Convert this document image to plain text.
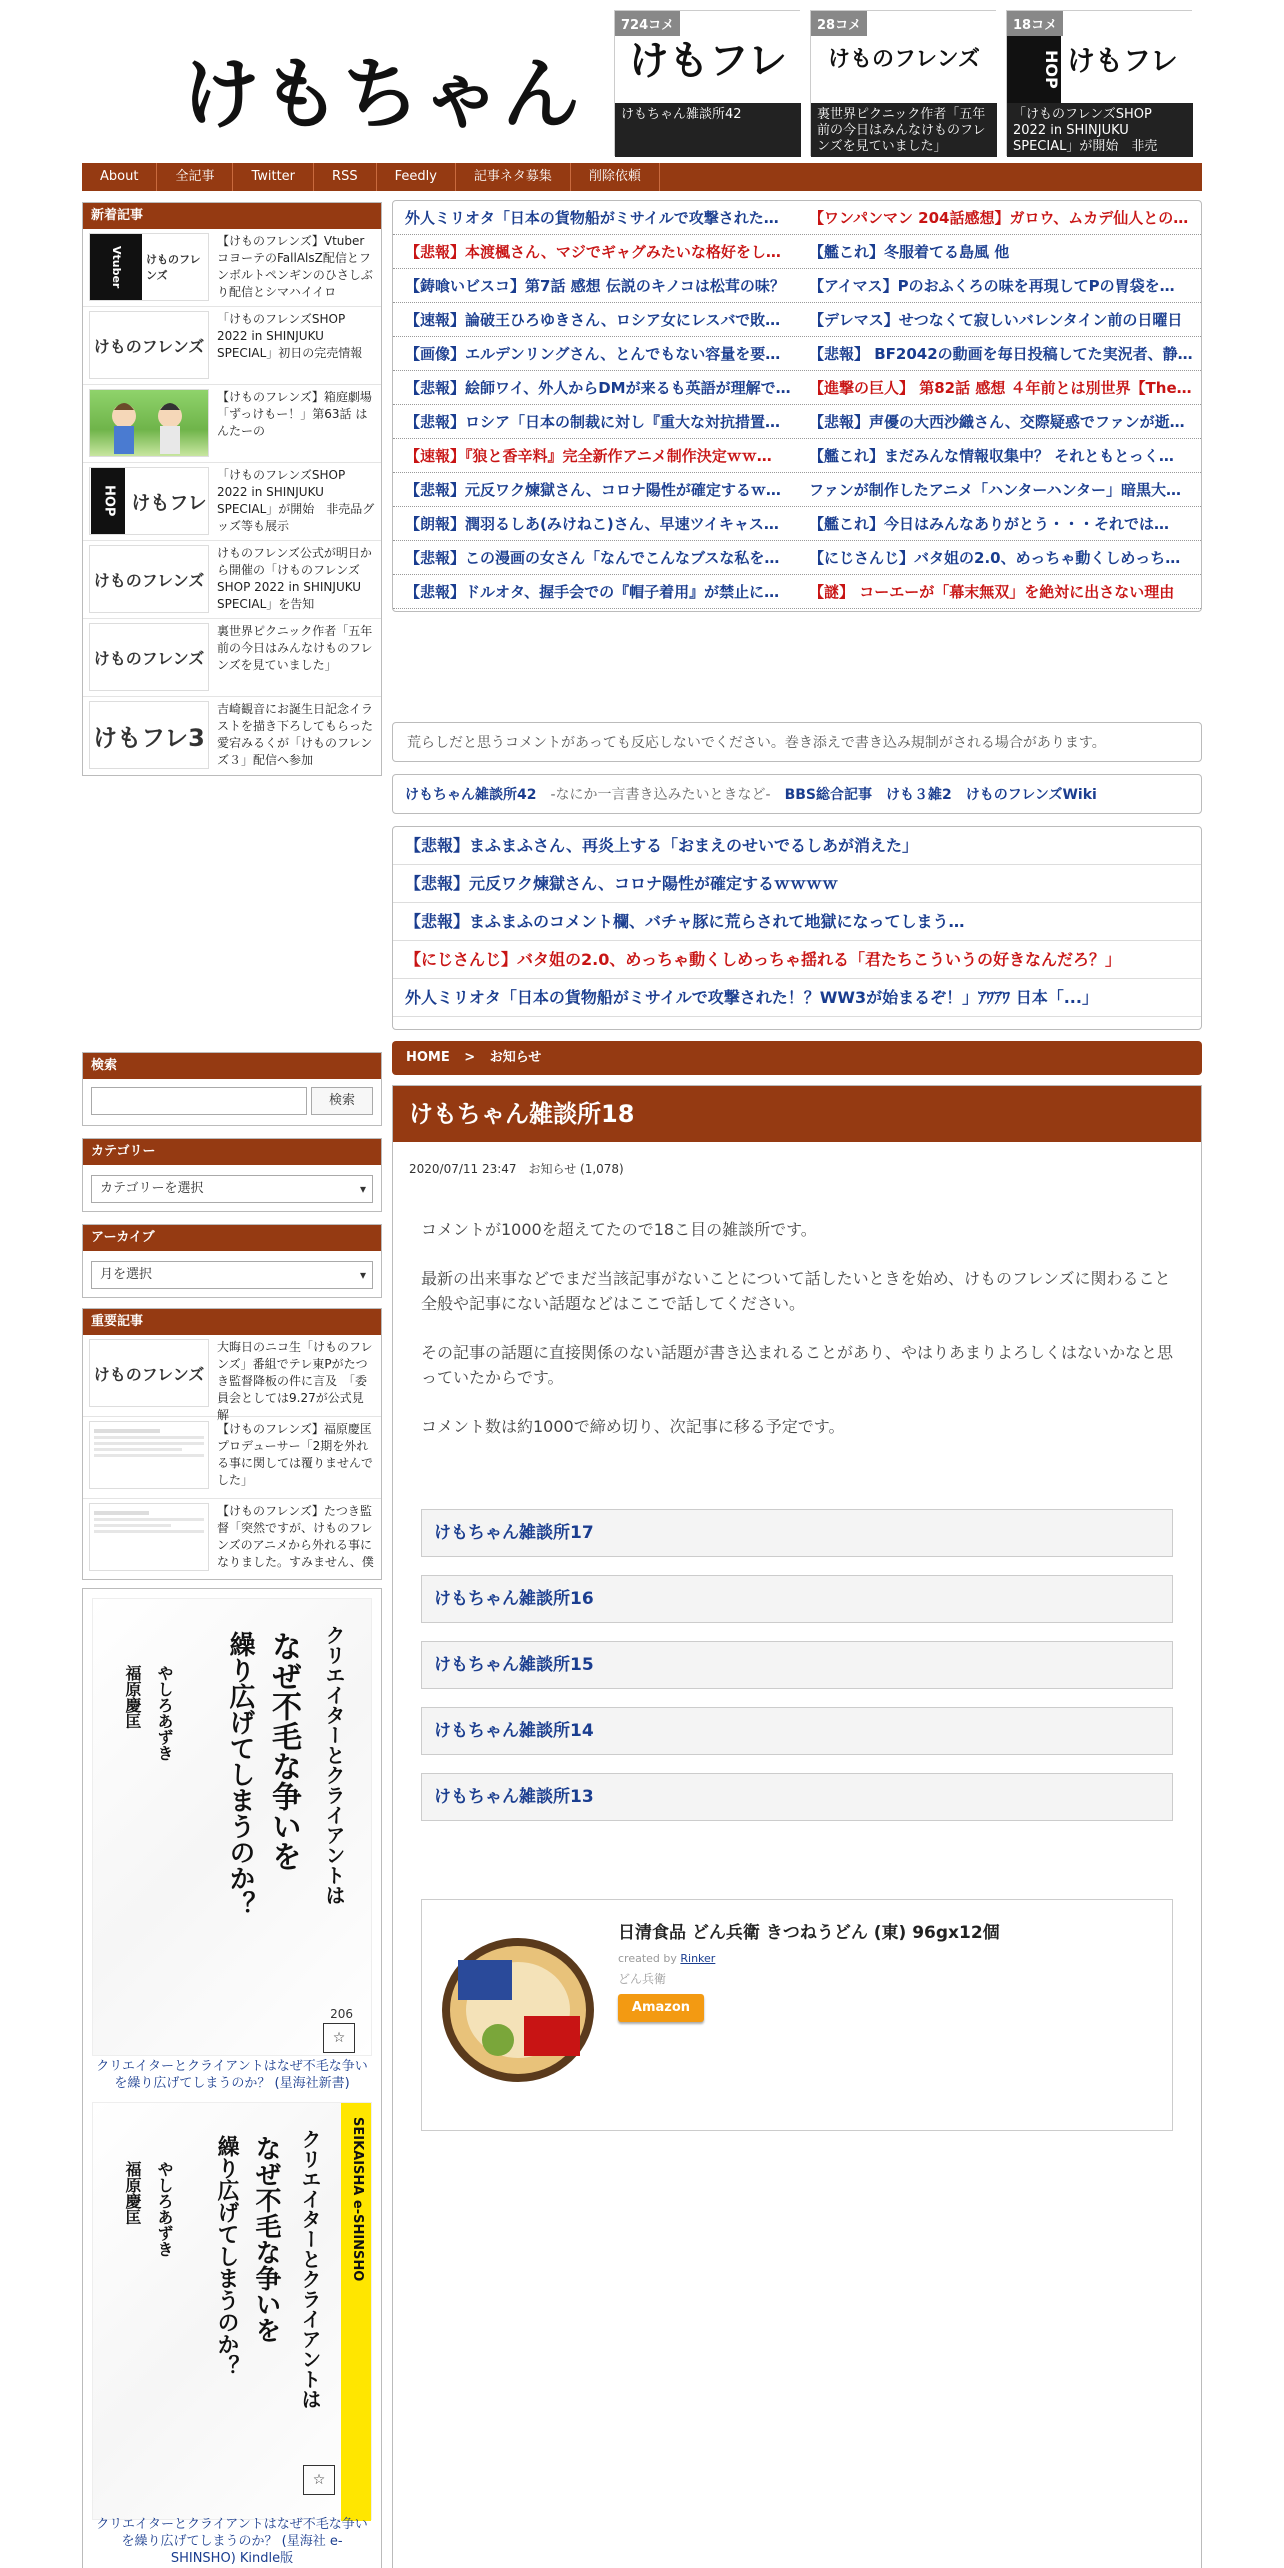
けもちゃん	けもフレ
724コメ
けもちゃん雑談所42
けものフレンズ
28コメ
裏世界ピクニック作者「五年前の今日はみんなけものフレンズを見ていました」
HOP けもフレ
18コメ
「けものフレンズSHOP 2022 in SHINJUKU SPECIAL」が開始　非売
About	全記事	Twitter	RSS	Feedly	記事ネタ募集	削除依頼
新着記事
Vtuber	けものフレンズ
【けものフレンズ】VtuberコヨーテのFallAlsZ配信とフンボルトペンギンのひさしぶり配信とシマハイイロ
けものフレンズ
「けものフレンズSHOP 2022 in SHINJUKU SPECIAL」初日の完売情報
【けものフレンズ】箱庭劇場「ずっけもー！」第63話 はんたーの
HOP けもフレ
「けものフレンズSHOP 2022 in SHINJUKU SPECIAL」が開始　非売品グッズ等も展示
けものフレンズ
けものフレンズ公式が明日から開催の「けものフレンズ SHOP 2022 in SHINJUKU SPECIAL」を告知
けものフレンズ
裏世界ピクニック作者「五年前の今日はみんなけものフレンズを見ていました」
けもフレ3
吉崎観音にお誕生日記念イラストを描き下ろしてもらった愛宕みるくが「けものフレンズ３」配信へ参加
検索
検索
カテゴリー
カテゴリーを選択	▾
アーカイブ
月を選択	▾
重要記事
けものフレンズ
大晦日のニコ生「けものフレンズ」番組でテレ東Pがたつき監督降板の件に言及　「委員会としては9.27が公式見解
【けものフレンズ】福原慶匡プロデューサー「2期を外れる事に関しては覆りませんでした」
【けものフレンズ】たつき監督「突然ですが、けものフレンズのアニメから外れる事になりました。すみません、僕
クリエイターとクライアントは
なぜ不毛な争いを
繰り広げてしまうのか？
福原慶匡 やしろあずき
206
☆
クリエイターとクライアントはなぜ不毛な争いを繰り広げてしまうのか？ (星海社新書)
SEIKAISHA e-SHINSHO
クリエイターとクライアントは
なぜ不毛な争いを
繰り広げてしまうのか？
福原慶匡 やしろあずき
☆
クリエイターとクライアントはなぜ不毛な争いを繰り広げてしまうのか？ (星海社 e-SHINSHO) Kindle版
外人ミリオタ「日本の貨物船がミサイルで攻撃された…	【ワンパンマン 204話感想】ガロウ、ムカデ仙人との…
【悲報】本渡楓さん、マジでギャグみたいな格好をし…	【艦これ】冬服着てる島風 他
【鋳喰いビスコ】第7話 感想 伝説のキノコは松茸の味？	【アイマス】Pのおふくろの味を再現してPの胃袋を…
【速報】論破王ひろゆきさん、ロシア女にレスバで敗…	【デレマス】せつなくて寂しいバレンタイン前の日曜日
【画像】エルデンリングさん、とんでもない容量を要…	【悲報】 BF2042の動画を毎日投稿してた実況者、静…
【悲報】絵師ワイ、外人からDMが来るも英語が理解で…	【進撃の巨人】 第82話 感想 ４年前とは別世界【The…
【悲報】ロシア「日本の制裁に対し『重大な対抗措置…	【悲報】声優の大西沙織さん、交際疑惑でファンが逝…
【速報】『狼と香辛料』完全新作アニメ制作決定ｗｗ…	【艦これ】まだみんな情報収集中？ それともとっく…
【悲報】元反ワク煉獄さん、コロナ陽性が確定するｗ…	ファンが制作したアニメ「ハンターハンター」暗黒大…
【朗報】潤羽るしあ(みけねこ)さん、早速ツイキャス…	【艦これ】今日はみんなありがとう・・・それでは…
【悲報】この漫画の女さん「なんでこんなブスな私を…	【にじさんじ】バタ姐の2.0、めっちゃ動くしめっち…
【悲報】ドルオタ、握手会での『帽子着用』が禁止に…	【謎】 コーエーが「幕末無双」を絶対に出さない理由
荒らしだと思うコメントがあっても反応しないでください。巻き添えで書き込み規制がされる場合があります。
けもちゃん雑談所42 -なにか一言書き込みたいときなど- BBS総合記事 けも３雑2 けものフレンズWiki
【悲報】まふまふさん、再炎上する「おまえのせいでるしあが消えた」
【悲報】元反ワク煉獄さん、コロナ陽性が確定するｗｗｗｗ
【悲報】まふまふのコメント欄、バチャ豚に荒らされて地獄になってしまう…
【にじさんじ】バタ姐の2.0、めっちゃ動くしめっちゃ揺れる「君たちこういうの好きなんだろ？」
外人ミリオタ「日本の貨物船がミサイルで攻撃された！？WW3が始まるぞ！」ｱﾜｱﾜ 日本「...」
HOME > お知らせ
けもちゃん雑談所18
2020/07/11 23:47　お知らせ (1,078)

コメントが1000を超えてたので18こ目の雑談所です。

最新の出来事などでまだ当該記事がないことについて話したいときを始め、けものフレンズに関わること全般や記事にない話題などはここで話してください。

その記事の話題に直接関係のない話題が書き込まれることがあり、やはりあまりよろしくはないかなと思っていたからです。

コメント数は約1000で締め切り、次記事に移る予定です。

けもちゃん雑談所17
けもちゃん雑談所16
けもちゃん雑談所15
けもちゃん雑談所14
けもちゃん雑談所13
日清食品 どん兵衛 きつねうどん (東) 96gx12個
created by Rinker
どん兵衛
Amazon
